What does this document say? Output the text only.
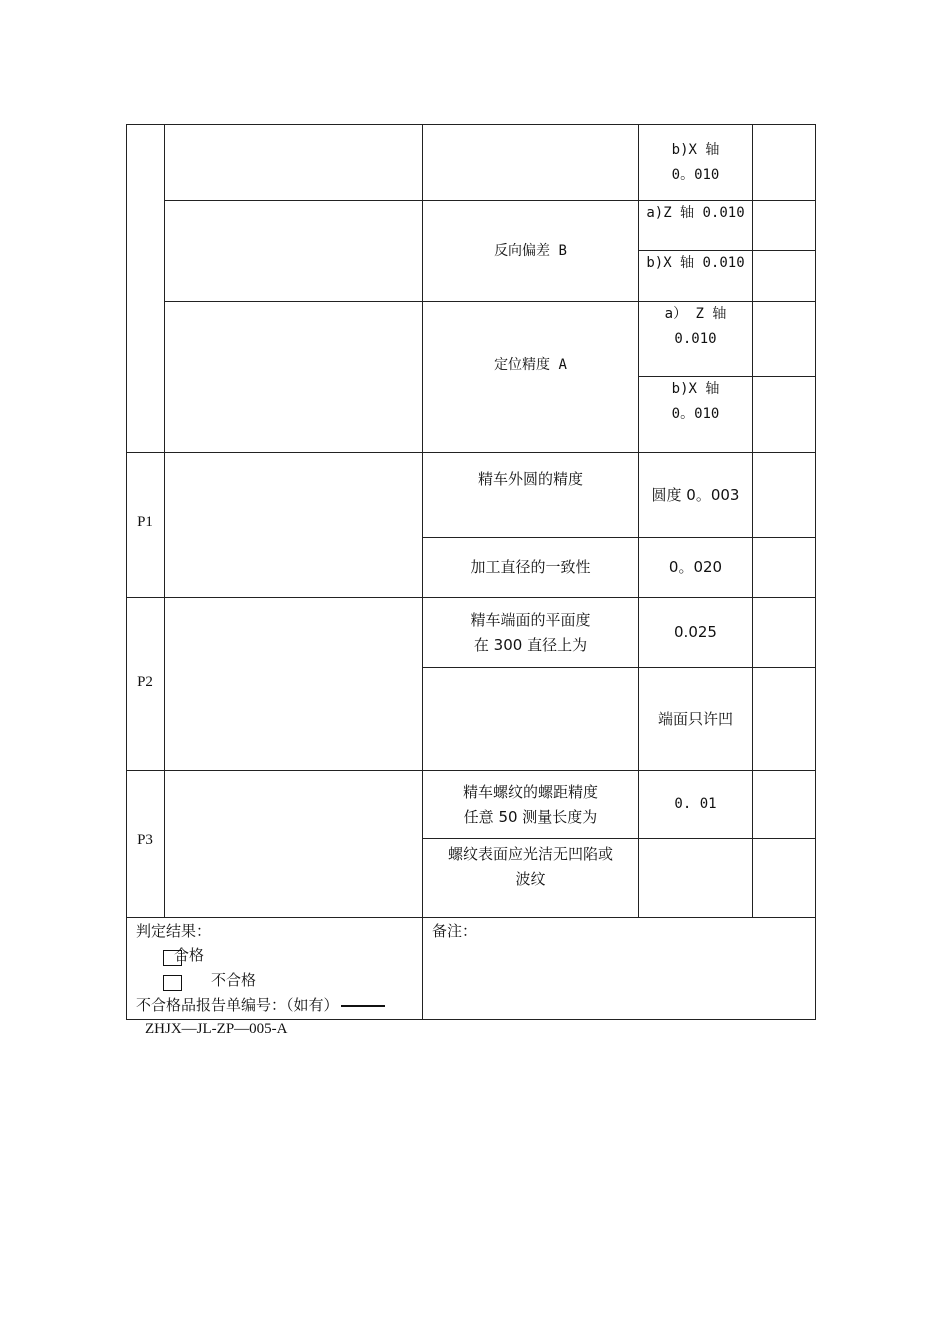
b)X 轴
0。010
反向偏差 B
a)Z 轴 0.010
b)X 轴 0.010
定位精度 A
a） Z 轴
0.010
b)X 轴
0。010
P1
精车外圆的精度
圆度 0。003
加工直径的一致性	0。020
P2
精车端面的平面度
在 300 直径上为
0.025
端面只许凹
P3
精车螺纹的螺距精度
任意 50 测量长度为
0. 01
螺纹表面应光洁无凹陷或
波纹
判定结果：
合格
不合格
不合格品报告单编号：（如有）
备注：
ZHJX—JL-ZP—005-A
